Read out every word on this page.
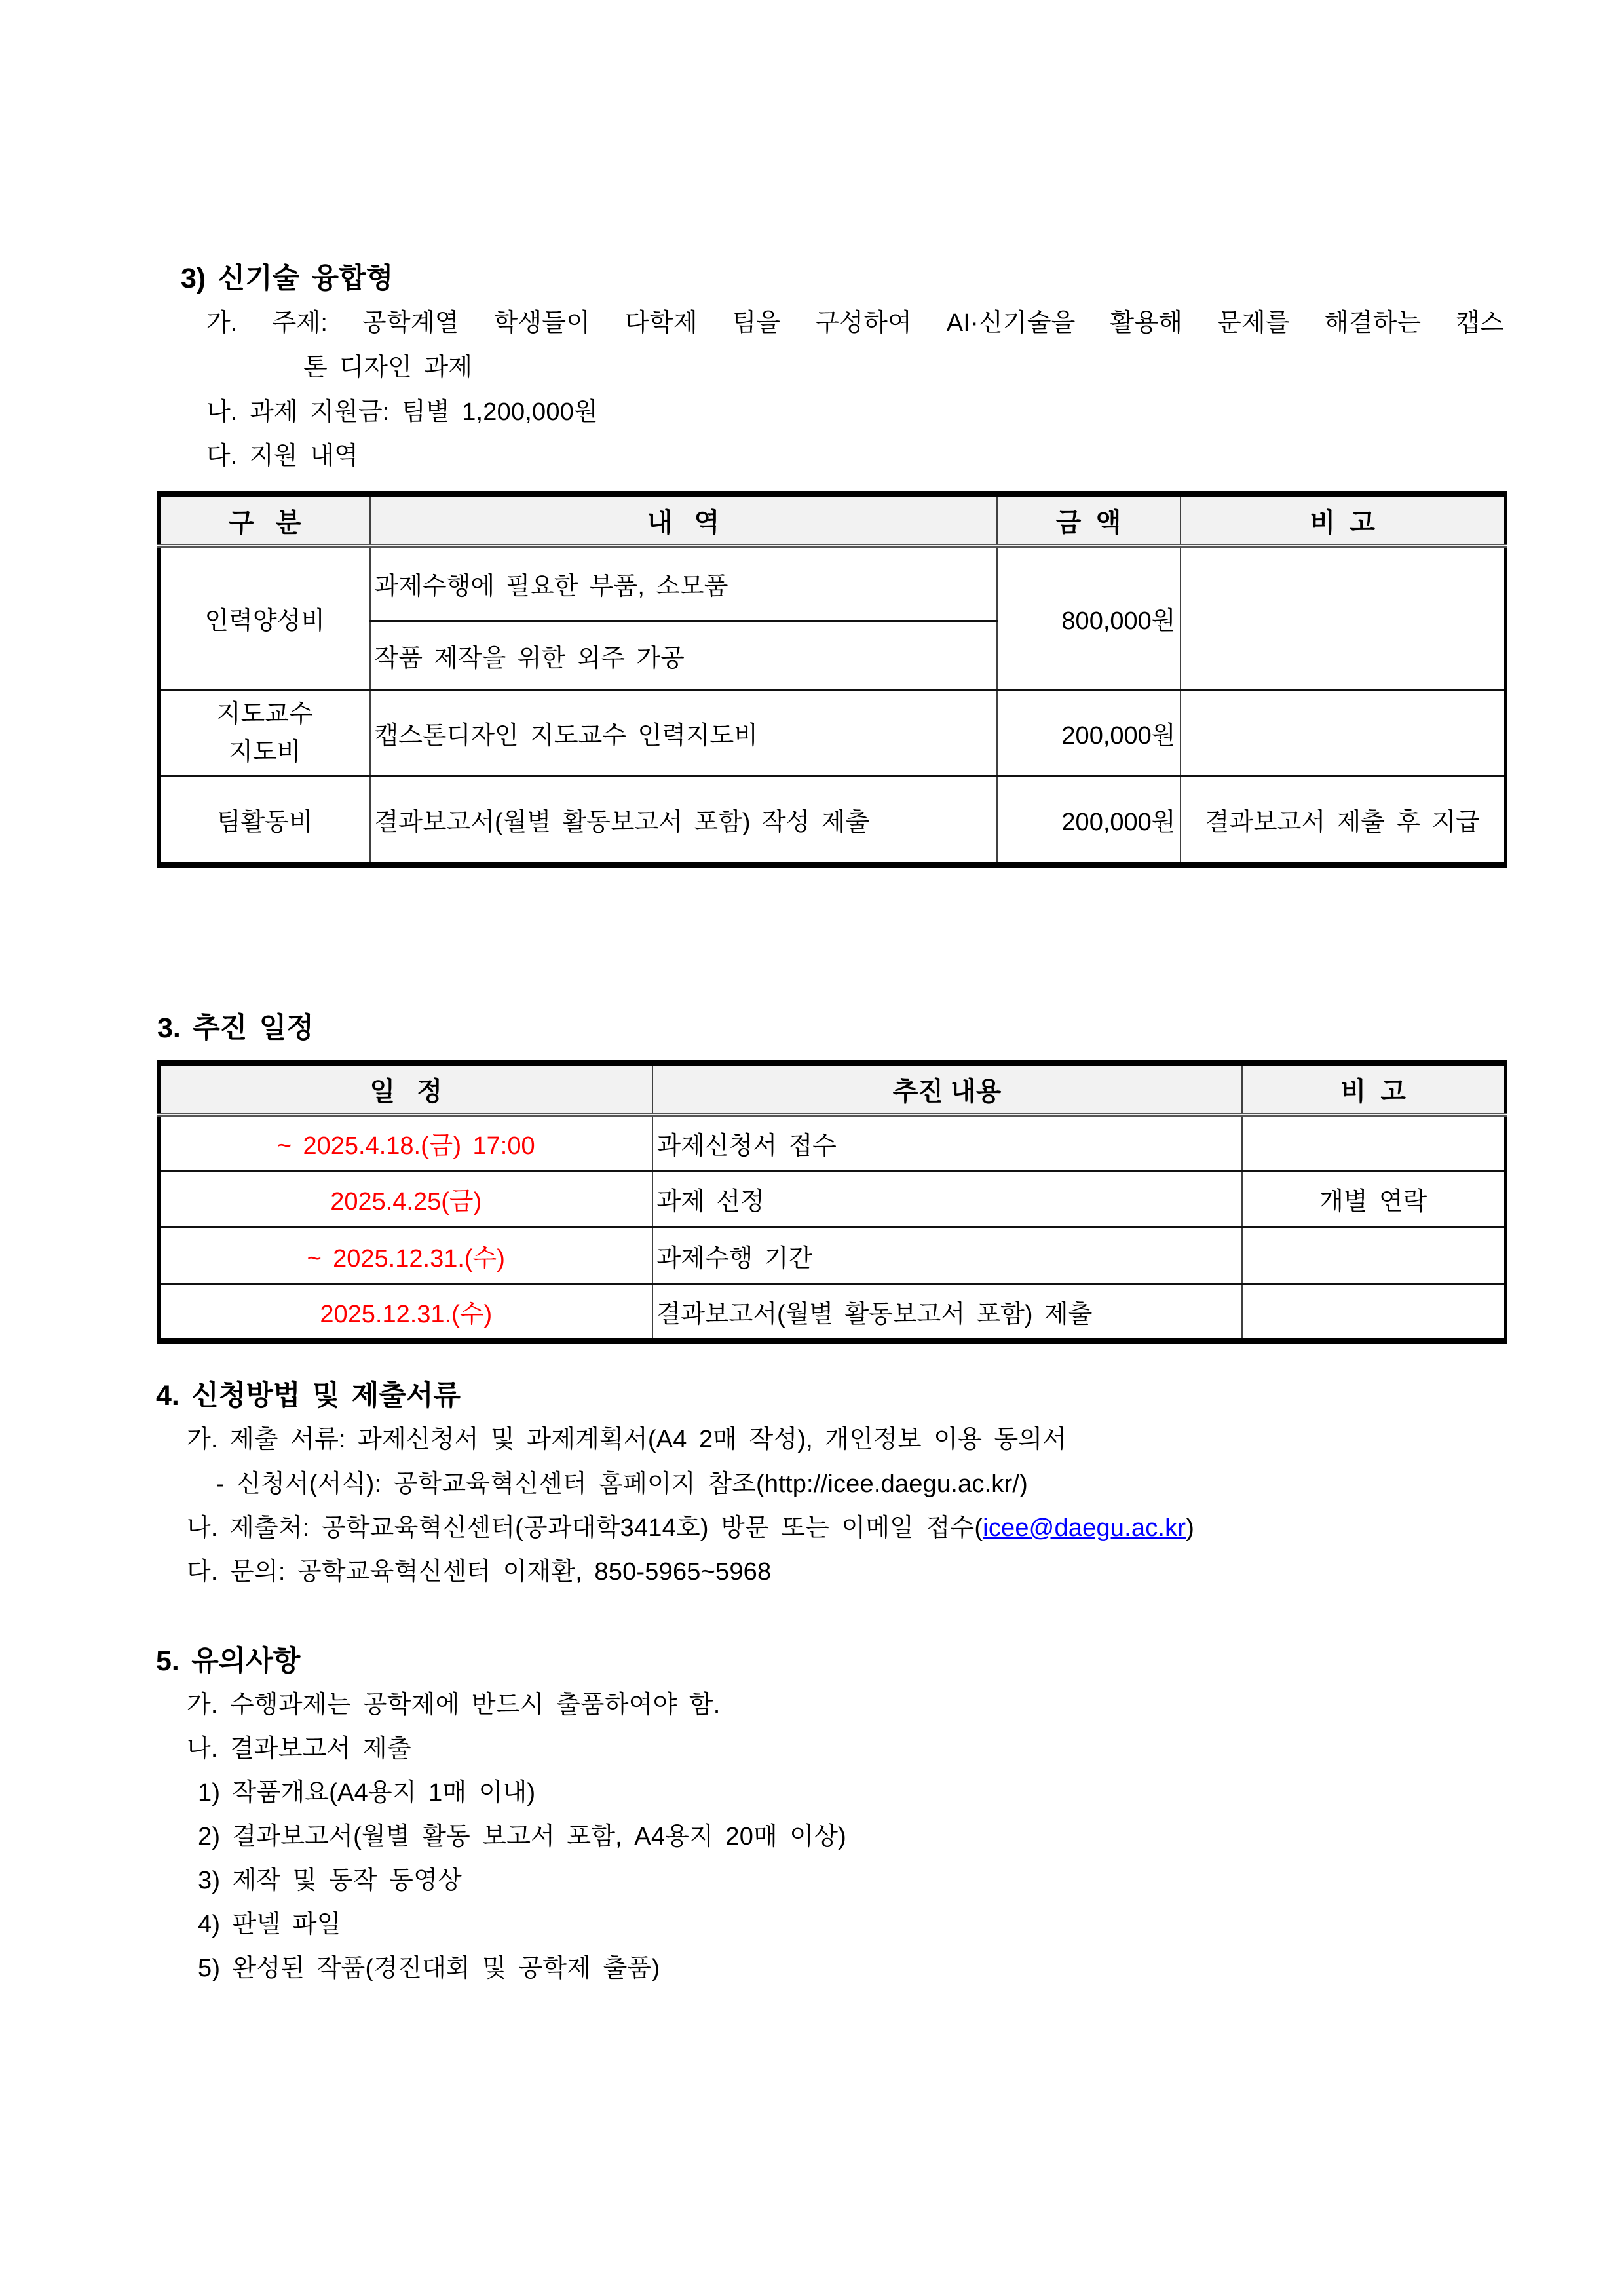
3) 신기술 융합형
가. 주제: 공학계열 학생들이 다학제 팀을 구성하여 AI·신기술을 활용해 문제를 해결하는 캡스
톤 디자인 과제
나. 과제 지원금: 팀별 1,200,000원
다. 지원 내역
구   분	내   역	금  액	비  고
인력양성비	과제수행에 필요한 부품, 소모품	800,000원	
	작품 제작을 위한 외주 가공		
지도교수
지도비	캡스톤디자인 지도교수 인력지도비	200,000원	
팀활동비	결과보고서(월별 활동보고서 포함) 작성 제출	200,000원	결과보고서 제출 후 지급
3. 추진 일정
일   정	추진 내용	비  고
~ 2025.4.18.(금) 17:00	과제신청서 접수	
2025.4.25(금)	과제 선정	개별 연락
~ 2025.12.31.(수)	과제수행 기간	
2025.12.31.(수)	결과보고서(월별 활동보고서 포함) 제출	
4. 신청방법 및 제출서류
가. 제출 서류: 과제신청서 및 과제계획서(A4 2매 작성), 개인정보 이용 동의서
- 신청서(서식): 공학교육혁신센터 홈페이지 참조(http://icee.daegu.ac.kr/)
나. 제출처: 공학교육혁신센터(공과대학3414호) 방문 또는 이메일 접수(icee@daegu.ac.kr)
다. 문의: 공학교육혁신센터 이재환, 850-5965~5968
5. 유의사항
가. 수행과제는 공학제에 반드시 출품하여야 함.
나. 결과보고서 제출
1) 작품개요(A4용지 1매 이내)
2) 결과보고서(월별 활동 보고서 포함, A4용지 20매 이상)
3) 제작 및 동작 동영상
4) 판넬 파일
5) 완성된 작품(경진대회 및 공학제 출품)
